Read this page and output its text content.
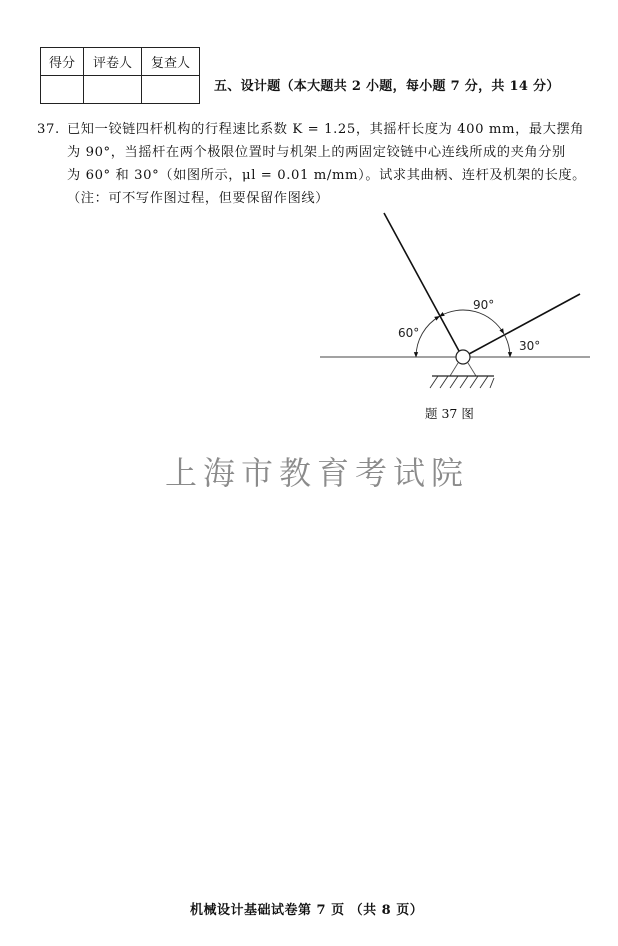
得分	评卷人	复查人

五、设计题（本大题共 2 小题，每小题 7 分，共 14 分）
37. 已知一铰链四杆机构的行程速比系数 K = 1.25，其摇杆长度为 400 mm，最大摆角
为 90°，当摇杆在两个极限位置时与机架上的两固定铰链中心连线所成的夹角分别
为 60° 和 30°（如图所示，μl = 0.01 m/mm）。试求其曲柄、连杆及机架的长度。
（注：可不写作图过程，但要保留作图线）
60°
90°
30°
题 37 图
上海市教育考试院
机械设计基础试卷第 7 页 （共 8 页）
